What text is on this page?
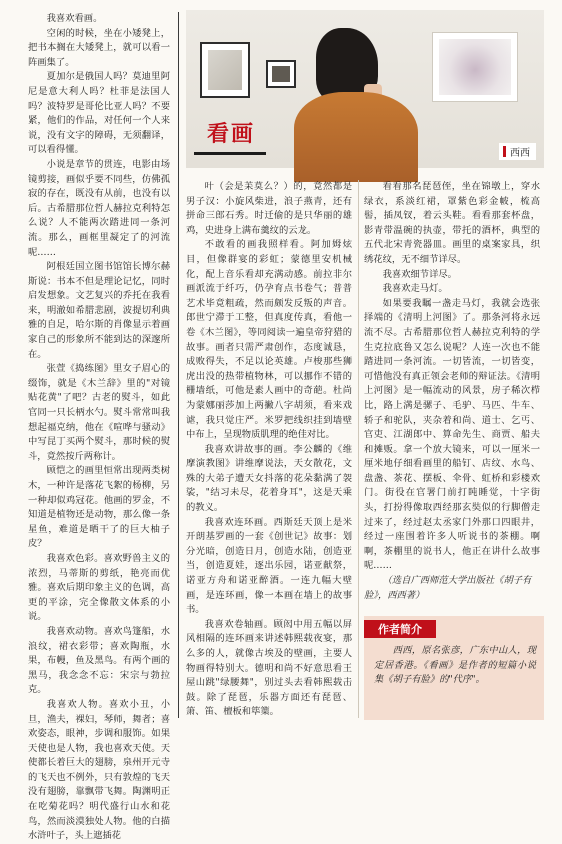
我喜欢看画。

空闲的时候，坐在小矮凳上，把书本搁在大矮凳上，就可以看一阵画集了。

夏加尔是俄国人吗？莫迪里阿尼是意大利人吗？杜菲是法国人吗？波特罗是哥伦比亚人吗？不要紧，他们的作品，对任何一个人来说，没有文字的障碍，无须翻译，可以看得懂。

小说是章节的贯连，电影由场镜剪接，画似乎要不同些，仿佛孤寂的存在，既没有从前，也没有以后。古希腊那位哲人赫拉克利特怎么说？人不能两次踏进同一条河流。那么，画框里凝定了的河流呢……

阿根廷国立图书馆馆长博尔赫斯说：书本不但是理论记忆，同时启发想象。文艺复兴的乔托在我看来，明澈如希腊悲剧，波提切利典雅的自足，哈尔斯的肖像显示着画家自己的形象所不能到达的深邃所在。

张萱《捣练图》里女子眉心的缀饰，就是《木兰辞》里的"对镜贴花黄"了吧？古老的熨斗，如此官同一只长柄水勺。熨斗常常叫我想起福克纳，他在《喧哗与骚动》中写昆丁买两个熨斗，那时候的熨斗，竟然按斤两称计。

顾恺之的画里恒常出现两类树木，一种许是落花飞絮的杨柳，另一种却似鸡冠花。他画的罗金，不知道是植物还是动物，那么像一条星鱼，难道是晒干了的巨大柚子皮？

我喜欢色彩。喜欢野兽主义的浓烈，马蒂斯的剪纸，艳亮而优雅。喜欢后期印象主义的色调，高更的平涂，完全像散文体系的小说。

我喜欢动物。喜欢鸟篷船，水浪纹，裙衣彩带；喜欢陶瓶，水果，布幔，鱼及黑鸟。有两个画的黑马，我念念不忘：宋宗与勃拉克。

我喜欢人物。喜欢小丑，小旦，渔夫，裸妇，琴师，舞者；喜欢姿态，眼神，步调和服饰。如果天使也是人物，我也喜欢天使。天使都长着巨大的翅膀，泉州开元寺的飞天也不例外，只有敦煌的飞天没有翅膀，靠飘带飞舞。陶渊明正在吃菊花吗？明代盛行山水和花鸟，然而淡漠独处人物。他的白描水浒叶子，头上遮插花

看画
西西

叶（会是苿莫么？）的，竟然都是男子汉：小旋风柴进，浪子燕青，还有拼命三郎石秀。时迁偷的是只华丽的雄鸡，史进身上满布羹纹的云龙。

不敢看的画我照样看。阿加姆炫目，但像群宴的彩虹；蒙德里安机械化，配上音乐看却充满动感。前拉非尔画派流于纤巧，仍孕育点书卷气；普普艺术毕竟粗疏，然而颇发反叛的声音。郎世宁滞于工整，但真度传真，看他一卷《木兰图》，等同阅读一遍皇帝狩猎的故事。画者只需严肃创作，态度诚恳，成败得失，不足以论英雄。卢梭那些狮虎出没的热带植物林，可以挪作不错的栅墙纸，可他是素人画中的奇葩。杜尚为蒙娜丽莎加上两撇八字胡须，看来戏谑，我只觉庄严。米罗把线织挂到墙壁中布上，呈现物质肌理的绝佳对比。

我喜欢讲故事的画。李公麟的《维摩演教图》讲维摩说法，天女散花，文殊的大弟子遭天女抖落的花朵黏满了袈裟，"结习未尽，花着身耳"，这是天乘的教义。

我喜欢连环画。西斯廷天顶上是米开朗基罗画的一套《创世记》故事：划分光暗，创造日月，创造水陆，创造亚当，创造夏娃，逐出乐园，诺亚献祭，诺亚方舟和诺亚醉酒。一连九幅大壁画，是连环画，像一本画在墙上的故事书。

我喜欢卷轴画。顾闳中用五幅以屏风相隔的连环画来讲述韩熙载夜宴，那么多的人，就像古埃及的壁画，主要人物画得特别大。德明和尚不好意思看王屋山跳"绿腰舞"，别过头去看韩熙载击鼓。除了琵琶，乐器方面还有琵琶、箫、笛、檀板和筚篥。

看看那名琵琶侄，坐在锦墩上，穿水绿衣，系淡红裙，罩紫色彩金帔，梳高髻，插凤钗，着云头鞋。看看那套杯盘，影青带温碗的执壶，带托的酒杯，典型的五代北宋青瓷器皿。画里的桌案家具，织绣花纹，无不细节详尽。

我喜欢细节详尽。

我喜欢走马灯。

如果要我瞩一盏走马灯，我就会选张择端的《清明上河图》了。那条河将永远流不尽。古希腊那位哲人赫拉克利特的学生克拉底鲁又怎么说呢？人连一次也不能踏进同一条河流。一切皆流，一切皆变，可惜他没有真正领会老师的辩证法。《清明上河图》是一幅流动的风景，房子稀次栉比，路上满是骡子、毛驴、马匹、牛车、轿子和驼队，夹杂着和尚、道士、乞丐、官吏、江湖郎中、算命先生、商贾、船夫和摊贩。拿一个放大镜来，可以一厘米一厘米地仔细看画里的船钉、店纹、水鸟、盘盏、茶花、摆板、伞骨、虹桥和彩楼欢门。街役在官署门前打盹睡觉，十字街头，打扮得像取西经那玄奘似的行脚僧走过来了，经过赵太丞家门外那口四眼井，经过一座围着许多人听说书的茶棚。啊啊，茶棚里的说书人，他正在讲什么故事呢……

（选自广西师范大学出版社《胡子有脸》，西西著）

作者简介

西西，原名张彦，广东中山人，现定居香港。《看画》是作者的短篇小说集《胡子有脸》的"代序"。
